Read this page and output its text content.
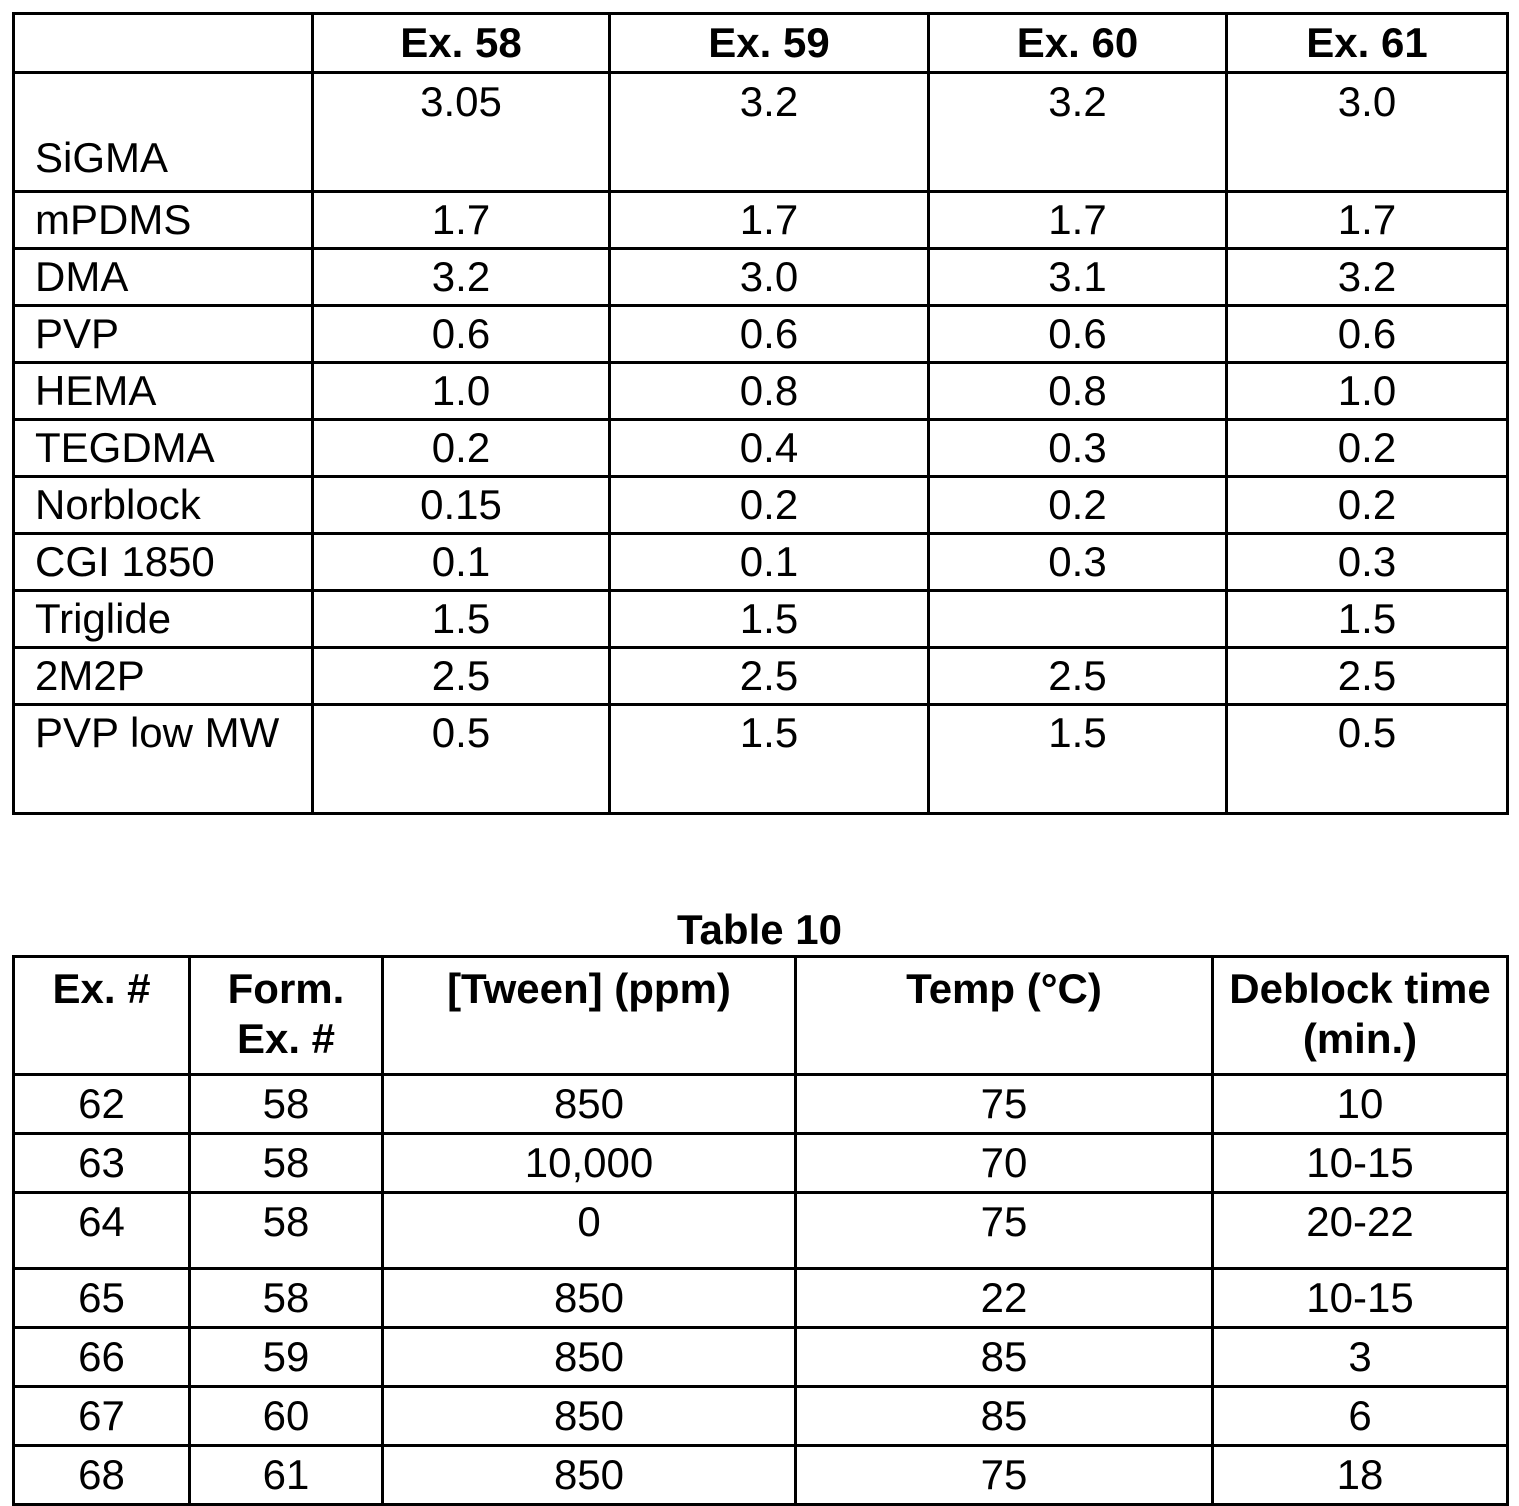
	Ex. 58	Ex. 59	Ex. 60	Ex. 61
SiGMA	3.05	3.2	3.2	3.0
mPDMS	1.7	1.7	1.7	1.7
DMA	3.2	3.0	3.1	3.2
PVP	0.6	0.6	0.6	0.6
HEMA	1.0	0.8	0.8	1.0
TEGDMA	0.2	0.4	0.3	0.2
Norblock	0.15	0.2	0.2	0.2
CGI 1850	0.1	0.1	0.3	0.3
Triglide	1.5	1.5		1.5
2M2P	2.5	2.5	2.5	2.5
PVP low MW	0.5	1.5	1.5	0.5
Table 10
Ex. #	Form. Ex. #	[Tween] (ppm)	Temp (°C)	Deblock time (min.)
62	58	850	75	10
63	58	10,000	70	10-15
64	58	0	75	20-22
65	58	850	22	10-15
66	59	850	85	3
67	60	850	85	6
68	61	850	75	18
